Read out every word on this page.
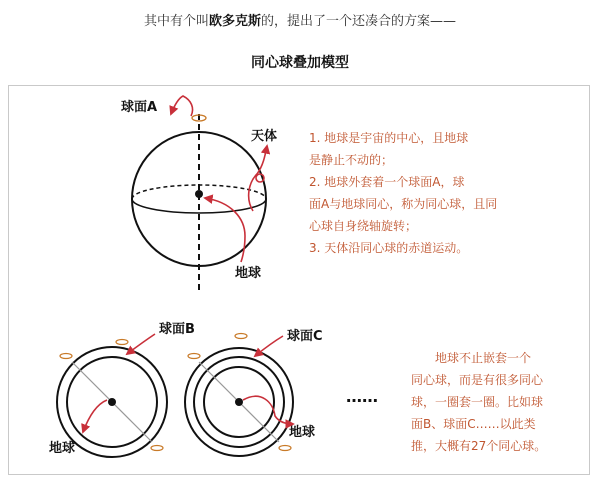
其中有个叫欧多克斯的，提出了一个还凑合的方案——
同心球叠加模型
球面A
天体
地球
球面B
地球
球面C
地球
……

1. 地球是宇宙的中心，且地球

是静止不动的；

2. 地球外套着一个球面A，球

面A与地球同心，称为同心球，且同

心球自身绕轴旋转；

3. 天体沿同心球的赤道运动。

地球不止嵌套一个

同心球，而是有很多同心

球，一圈套一圈。比如球

面B、球面C……以此类

推，大概有27个同心球。
